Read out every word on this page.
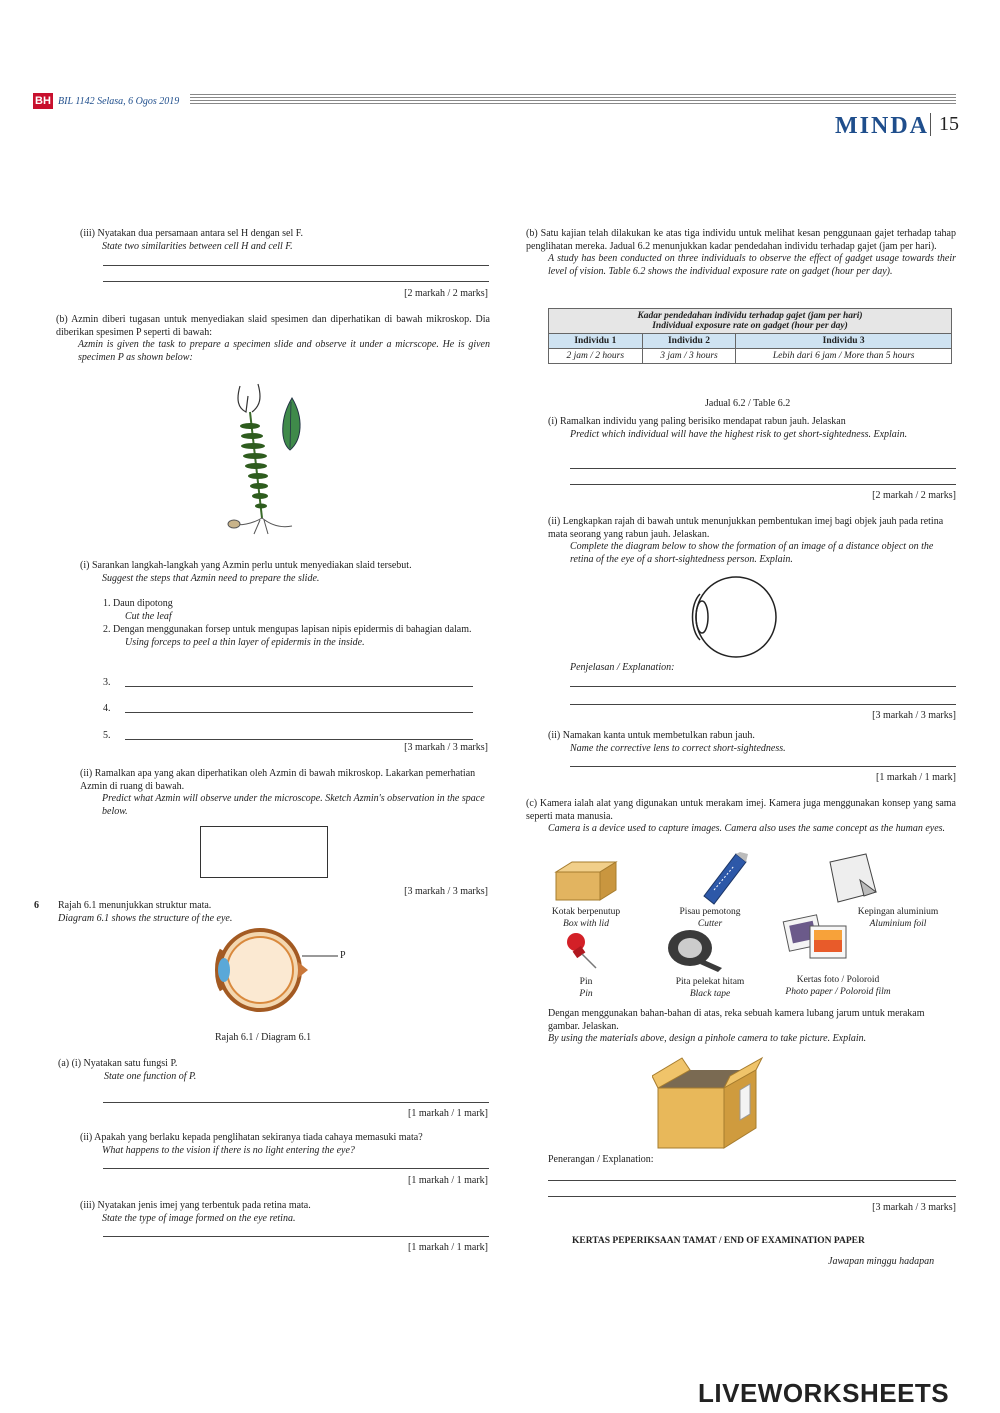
BH BIL 1142 Selasa, 6 Ogos 2019
MINDA 15
(iii) Nyatakan dua persamaan antara sel H dengan sel F.
State two similarities between cell H and cell F.
[2 markah / 2 marks]
(b) Azmin diberi tugasan untuk menyediakan slaid spesimen dan diperhatikan di bawah mikroskop. Dia diberikan spesimen P seperti di bawah:
Azmin is given the task to prepare a specimen slide and observe it under a micrscope. He is given specimen P as shown below:
(i) Sarankan langkah-langkah yang Azmin perlu untuk menyediakan slaid tersebut.
Suggest the steps that Azmin need to prepare the slide.
1. Daun dipotong
Cut the leaf
2. Dengan menggunakan forsep untuk mengupas lapisan nipis epidermis di bahagian dalam.
Using forceps to peel a thin layer of epidermis in the inside.
3.
4.
5.
[3 markah / 3 marks]
(ii) Ramalkan apa yang akan diperhatikan oleh Azmin di bawah mikroskop. Lakarkan pemerhatian Azmin di ruang di bawah.
Predict what Azmin will observe under the microscope. Sketch Azmin's observation in the space below.
[3 markah / 3 marks]
6 Rajah 6.1 menunjukkan struktur mata.
Diagram 6.1 shows the structure of the eye.
P
Rajah 6.1 / Diagram 6.1
(a) (i) Nyatakan satu fungsi P.
State one function of P.
[1 markah / 1 mark]
(ii) Apakah yang berlaku kepada penglihatan sekiranya tiada cahaya memasuki mata?
What happens to the vision if there is no light entering the eye?
[1 markah / 1 mark]
(iii) Nyatakan jenis imej yang terbentuk pada retina mata.
State the type of image formed on the eye retina.
[1 markah / 1 mark]
(b) Satu kajian telah dilakukan ke atas tiga individu untuk melihat kesan penggunaan gajet terhadap tahap penglihatan mereka. Jadual 6.2 menunjukkan kadar pendedahan individu terhadap gajet (jam per hari).
A study has been conducted on three individuals to observe the effect of gadget usage towards their level of vision. Table 6.2 shows the individual exposure rate on gadget (hour per day).
Kadar pendedahan individu terhadap gajet (jam per hari)
Individual exposure rate on gadget (hour per day)		

Individu 1	Individu 2	Individu 3
2 jam / 2 hours	3 jam / 3 hours	Lebih dari 6 jam / More than 5 hours
Jadual 6.2 / Table 6.2
(i) Ramalkan individu yang paling berisiko mendapat rabun jauh. Jelaskan
Predict which individual will have the highest risk to get short-sightedness. Explain.
[2 markah / 2 marks]
(ii) Lengkapkan rajah di bawah untuk menunjukkan pembentukan imej bagi objek jauh pada retina mata seorang yang rabun jauh. Jelaskan.
Complete the diagram below to show the formation of an image of a distance object on the retina of the eye of a short-sightedness person. Explain.
Penjelasan / Explanation:
[3 markah / 3 marks]
(ii) Namakan kanta untuk membetulkan rabun jauh.
Name the corrective lens to correct short-sightedness.
[1 markah / 1 mark]
(c) Kamera ialah alat yang digunakan untuk merakam imej. Kamera juga menggunakan konsep yang sama seperti mata manusia.
Camera is a device used to capture images. Camera also uses the same concept as the human eyes.
Kotak berpenutup
Box with lid
Pisau pemotong
Cutter
Kepingan aluminium
Aluminium foil
Pin
Pin
Pita pelekat hitam
Black tape
Kertas foto / Poloroid
Photo paper / Poloroid film
Dengan menggunakan bahan-bahan di atas, reka sebuah kamera lubang jarum untuk merakam gambar. Jelaskan.
By using the materials above, design a pinhole camera to take picture. Explain.
Penerangan / Explanation:
[3 markah / 3 marks]
KERTAS PEPERIKSAAN TAMAT / END OF EXAMINATION PAPER
Jawapan minggu hadapan
LIVEWORKSHEETS
